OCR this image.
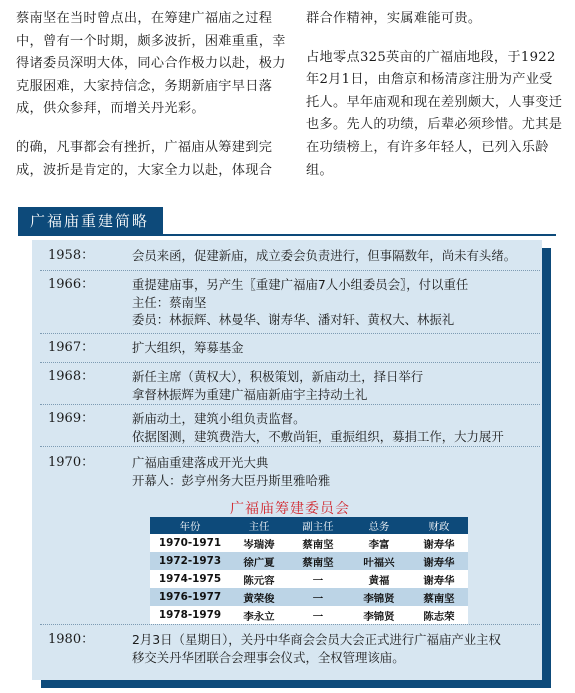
蔡南坚在当时曾点出，在筹建广福庙之过程中，曾有一个时期，颇多波折，困难重重，幸得诸委员深明大体，同心合作极力以赴，极力克服困难，大家持信念，务期新庙宇早日落成，供众参拜，而增关丹光彩。

的确，凡事都会有挫折，广福庙从筹建到完成，波折是肯定的，大家全力以赴，体现合

群合作精神，实属难能可贵。

占地零点325英亩的广福庙地段，于1922年2月1日，由詹京和杨清彦注册为产业受托人。早年庙观和现在差别颇大，人事变迁也多。先人的功绩，后辈必须珍惜。尤其是在功绩榜上，有许多年轻人，已列入乐龄组。

广福庙重建简略
1958：	会员来函，促建新庙，成立委会负责进行，但事隔数年，尚未有头绪。
1966：	重提建庙事，另产生〖重建广福庙7人小组委员会〗，付以重任
主任：蔡南坚
委员：林振辉、林曼华、谢寿华、潘对轩、黄权大、林振礼
1967：	扩大组织，筹募基金
1968：	新任主席（黄权大），积极策划，新庙动土，择日举行
拿督林振辉为重建广福庙新庙宇主持动土礼
1969：	新庙动土，建筑小组负责监督。
依据图测，建筑费浩大，不敷尚钜，重振组织，募捐工作，大力展开
1970：	广福庙重建落成开光大典
开幕人：彭亨州务大臣丹斯里雅哈雅
广福庙筹建委员会
年份	主任	副主任	总务	财政
1970-1971	岑瑞涛	蔡南坚	李富	谢寿华
1972-1973	徐广夏	蔡南坚	叶福兴	谢寿华
1974-1975	陈元容	一	黄福	谢寿华
1976-1977	黄荣俊	一	李锦贤	蔡南坚
1978-1979	李永立	一	李锦贤	陈志荣
1980：	2月3日（星期日），关丹中华商会会员大会正式进行广福庙产业主权
移交关丹华团联合会理事会仪式，全权管理该庙。
